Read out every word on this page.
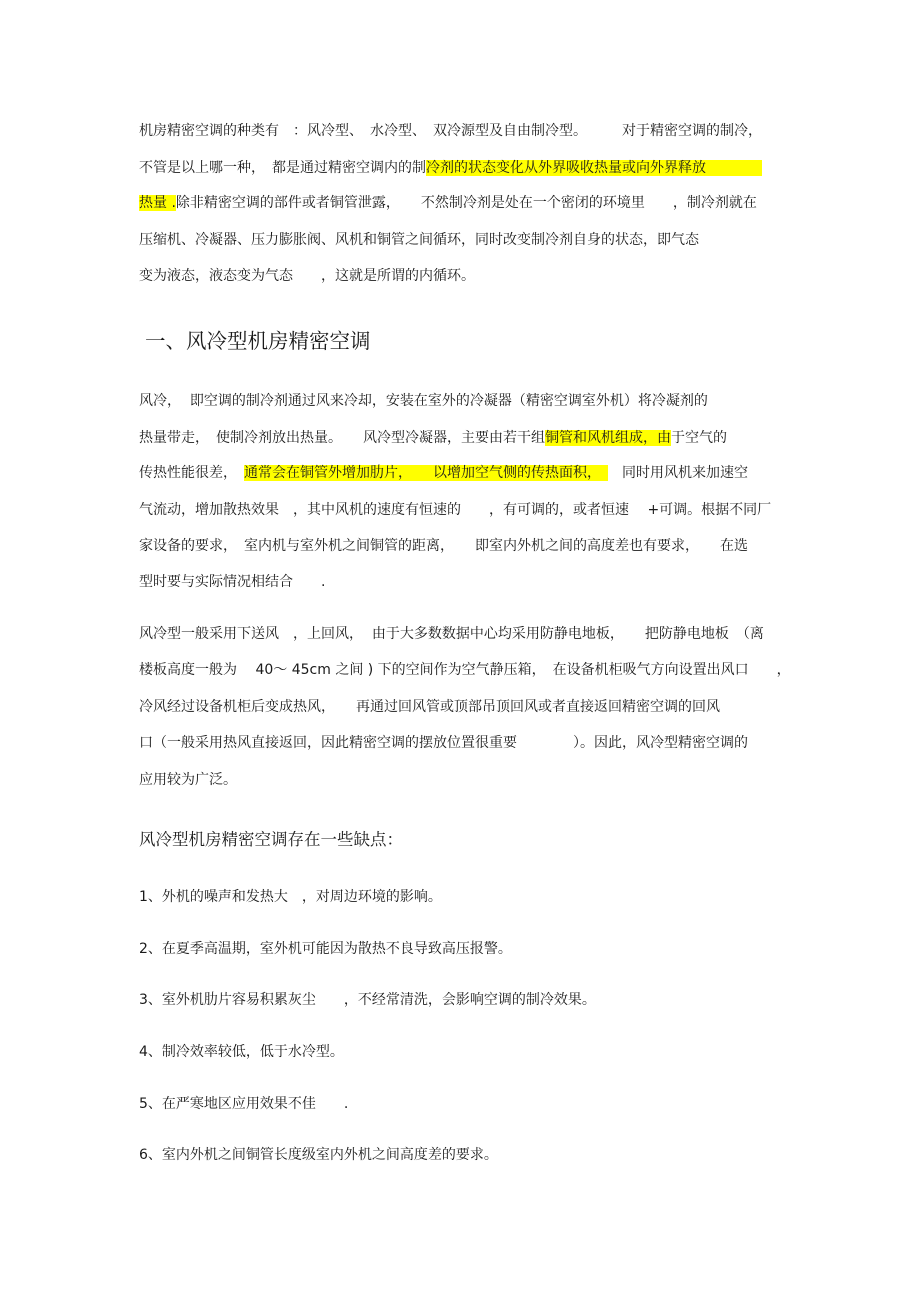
机房精密空调的种类有　：风冷型、　水冷型、　双冷源型及自由制冷型。　　　对于精密空调的制冷，
不管是以上哪一种，　都是通过精密空调内的制冷剂的状态变化从外界吸收热量或向外界释放　　　　
热量 .除非精密空调的部件或者铜管泄露，　　不然制冷剂是处在一个密闭的环境里　　，制冷剂就在
压缩机、冷凝器、压力膨胀阀、风机和铜管之间循环，同时改变制冷剂自身的状态，即气态
变为液态，液态变为气态　　，这就是所谓的内循环。
一、风冷型机房精密空调
风冷，  即空调的制冷剂通过风来冷却，安装在室外的冷凝器（精密空调室外机）将冷凝剂的
热量带走，　使制冷剂放出热量。　　风冷型冷凝器，主要由若干组铜管和风机组成，由于空气的
传热性能很差，　通常会在铜管外增加肋片，　　以增加空气侧的传热面积，　　同时用风机来加速空
气流动，增加散热效果　，其中风机的速度有恒速的　　，有可调的，或者恒速　 +可调。根据不同厂
家设备的要求，　室内机与室外机之间铜管的距离，　　即室内外机之间的高度差也有要求，　　在选
型时要与实际情况相结合　　.
风冷型一般采用下送风　，上回风，  由于大多数数据中心均采用防静电地板，　　把防静电地板　（离
楼板高度一般为　 40～ 45cm 之间 ) 下的空间作为空气静压箱，　在设备机柜吸气方向设置出风口　　，
冷风经过设备机柜后变成热风，　　再通过回风管或顶部吊顶回风或者直接返回精密空调的回风
口（一般采用热风直接返回，因此精密空调的摆放位置很重要　　　　）。因此，风冷型精密空调的
应用较为广泛。
风冷型机房精密空调存在一些缺点：
1、外机的噪声和发热大　，对周边环境的影响。
2、在夏季高温期，室外机可能因为散热不良导致高压报警。
3、室外机肋片容易积累灰尘　　，不经常清洗，会影响空调的制冷效果。
4、制冷效率较低，低于水冷型。
5、在严寒地区应用效果不佳　　.
6、室内外机之间铜管长度级室内外机之间高度差的要求。
